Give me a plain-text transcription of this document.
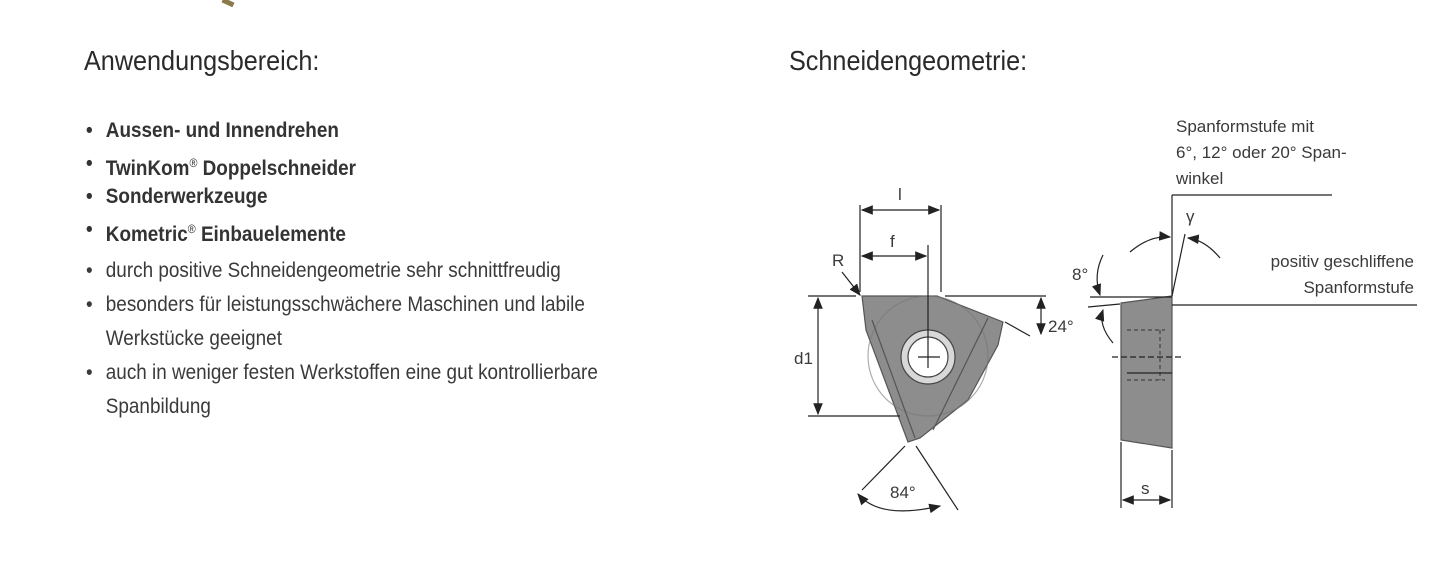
Anwendungsbereich:
• Aussen- und Innendrehen
• TwinKom® Doppelschneider
• Sonderwerkzeuge
• Kometric® Einbauelemente
• durch positive Schneidengeometrie sehr schnittfreudig
• besonders für leistungsschwächere Maschinen und labile Werkstücke geeignet
• auch in weniger festen Werkstoffen eine gut kontrollierbare Spanbildung
Schneidengeometrie:
l
f
R
d1
24°
84°
8°
γ
s
Spanformstufe mit
6°, 12° oder 20° Span-
winkel
positiv geschliffene
Spanformstufe
